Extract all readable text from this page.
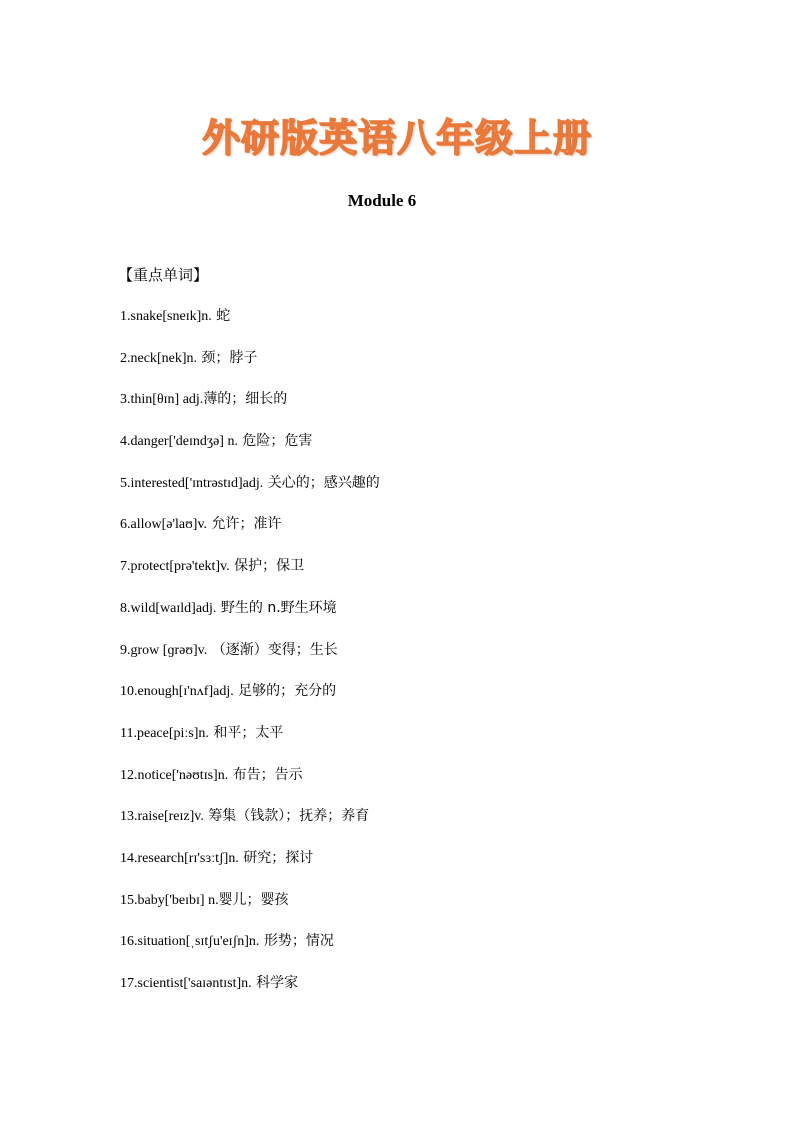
外研版英语八年级上册
Module 6
【重点单词】
1.snake[sneɪk]n. 蛇
2.neck[nek]n. 颈；脖子
3.thin[θɪn] adj.薄的；细长的
4.danger['deɪndʒə] n. 危险；危害
5.interested['ɪntrəstɪd]adj. 关心的；感兴趣的
6.allow[ə'laʊ]v. 允许；准许
7.protect[prə'tekt]v. 保护；保卫
8.wild[waɪld]adj. 野生的 n.野生环境
9.grow [ɡrəʊ]v. （逐渐）变得；生长
10.enough[ɪ'nʌf]adj. 足够的；充分的
11.peace[piːs]n. 和平；太平
12.notice['nəʊtɪs]n. 布告；告示
13.raise[reɪz]v. 筹集（钱款）；抚养；养育
14.research[rɪ'sɜːtʃ]n. 研究；探讨
15.baby['beɪbɪ] n.婴儿；婴孩
16.situation[ˌsɪtʃu'eɪʃn]n. 形势；情况
17.scientist['saɪəntɪst]n. 科学家
